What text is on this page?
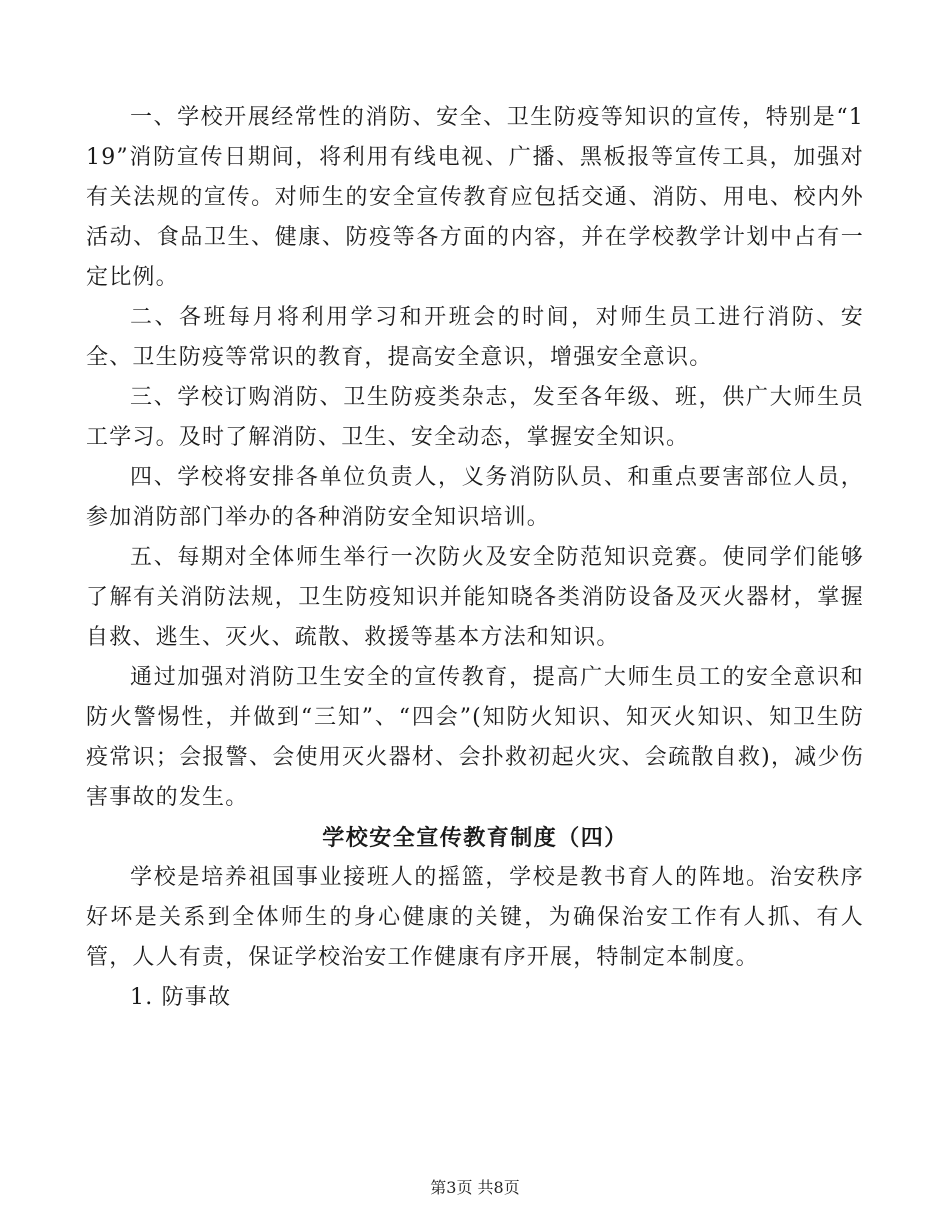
一、学校开展经常性的消防、安全、卫生防疫等知识的宣传，特别是“119”消防宣传日期间，将利用有线电视、广播、黑板报等宣传工具，加强对有关法规的宣传。对师生的安全宣传教育应包括交通、消防、用电、校内外活动、食品卫生、健康、防疫等各方面的内容，并在学校教学计划中占有一定比例。

二、各班每月将利用学习和开班会的时间，对师生员工进行消防、安全、卫生防疫等常识的教育，提高安全意识，增强安全意识。

三、学校订购消防、卫生防疫类杂志，发至各年级、班，供广大师生员工学习。及时了解消防、卫生、安全动态，掌握安全知识。

四、学校将安排各单位负责人，义务消防队员、和重点要害部位人员，参加消防部门举办的各种消防安全知识培训。

五、每期对全体师生举行一次防火及安全防范知识竞赛。使同学们能够了解有关消防法规，卫生防疫知识并能知晓各类消防设备及灭火器材，掌握自救、逃生、灭火、疏散、救援等基本方法和知识。

通过加强对消防卫生安全的宣传教育，提高广大师生员工的安全意识和防火警惕性，并做到“三知”、“四会”(知防火知识、知灭火知识、知卫生防疫常识；会报警、会使用灭火器材、会扑救初起火灾、会疏散自救)，减少伤害事故的发生。

学校安全宣传教育制度（四）

学校是培养祖国事业接班人的摇篮，学校是教书育人的阵地。治安秩序好坏是关系到全体师生的身心健康的关键，为确保治安工作有人抓、有人管，人人有责，保证学校治安工作健康有序开展，特制定本制度。

1. 防事故

第3页 共8页
